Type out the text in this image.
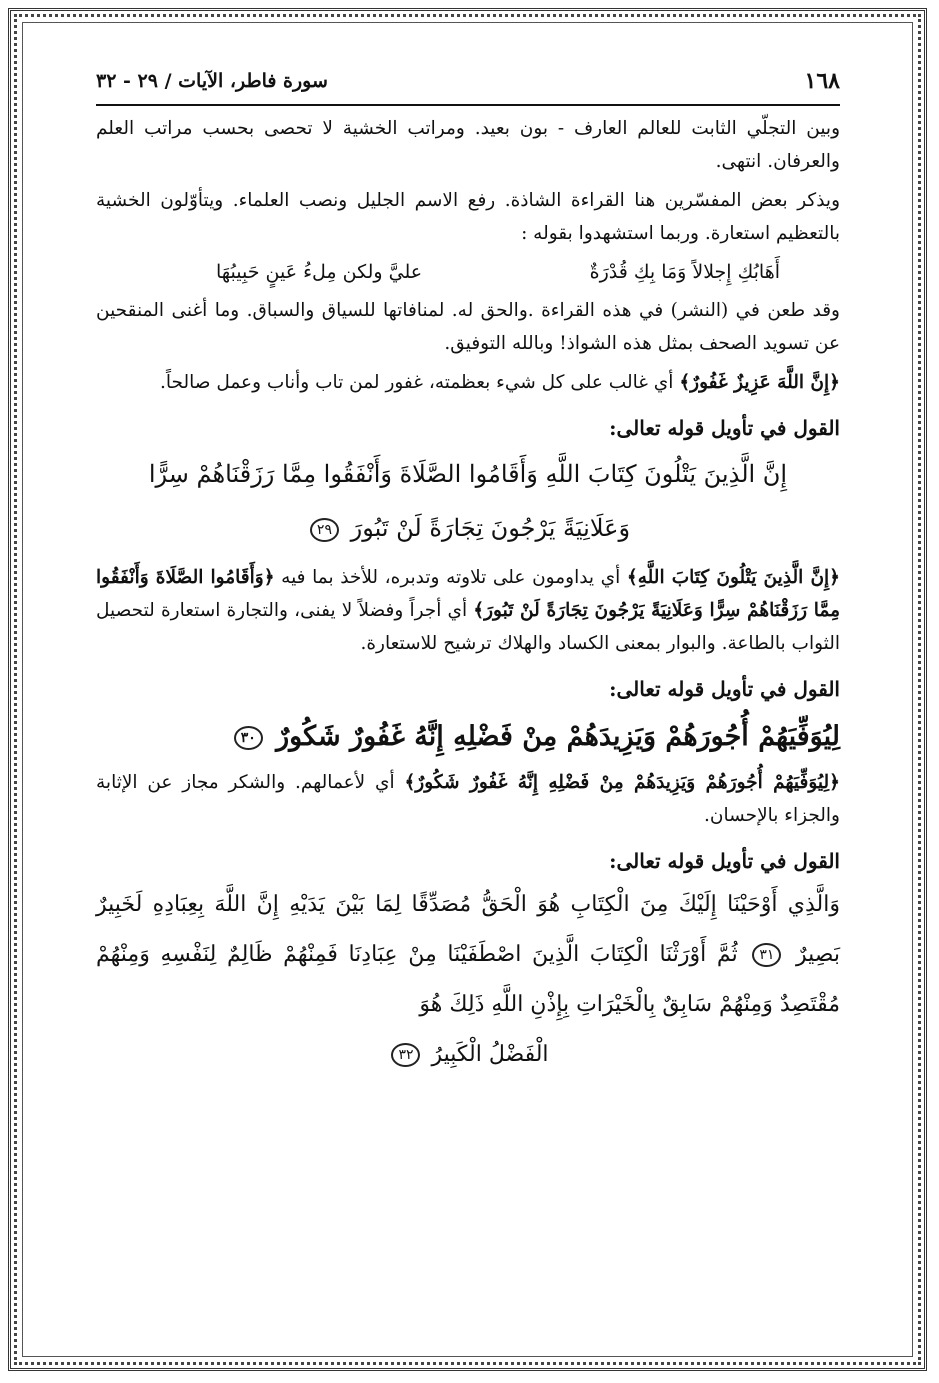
١٦٨
سورة فاطر، الآيات / ٢٩ - ٣٢

وبين التجلّي الثابت للعالم العارف - بون بعيد. ومراتب الخشية لا تحصى بحسب مراتب العلم والعرفان. انتهى.

ويذكر بعض المفسّرين هنا القراءة الشاذة. رفع الاسم الجليل ونصب العلماء. ويتأوّلون الخشية بالتعظيم استعارة. وربما استشهدوا بقوله :

أَهَابُكِ إِجلالاً وَمَا بِكِ قُدْرَةٌ
عليَّ ولكن مِلءُ عَينٍ حَبِيبُهَا

وقد طعن في (النشر) في هذه القراءة .والحق له. لمنافاتها للسياق والسباق. وما أغنى المنقحين عن تسويد الصحف بمثل هذه الشواذ! وبالله التوفيق.

﴿إِنَّ اللَّهَ عَزِيزٌ غَفُورٌ﴾ أي غالب على كل شيء بعظمته، غفور لمن تاب وأناب وعمل صالحاً.

القول في تأويل قوله تعالى:
إِنَّ الَّذِينَ يَتْلُونَ كِتَابَ اللَّهِ وَأَقَامُوا الصَّلَاةَ وَأَنْفَقُوا مِمَّا رَزَقْنَاهُمْ سِرًّا
وَعَلَانِيَةً يَرْجُونَ تِجَارَةً لَنْ تَبُورَ ٢٩

﴿إِنَّ الَّذِينَ يَتْلُونَ كِتَابَ اللَّهِ﴾ أي يداومون على تلاوته وتدبره، للأخذ بما فيه ﴿وَأَقَامُوا الصَّلَاةَ وَأَنْفَقُوا مِمَّا رَزَقْنَاهُمْ سِرًّا وَعَلَانِيَةً يَرْجُونَ تِجَارَةً لَنْ تَبُورَ﴾ أي أجراً وفضلاً لا يفنى، والتجارة استعارة لتحصيل الثواب بالطاعة. والبوار بمعنى الكساد والهلاك ترشيح للاستعارة.

القول في تأويل قوله تعالى:
لِيُوَفِّيَهُمْ أُجُورَهُمْ وَيَزِيدَهُمْ مِنْ فَضْلِهِ إِنَّهُ غَفُورٌ شَكُورٌ ٣٠

﴿لِيُوَفِّيَهُمْ أُجُورَهُمْ وَيَزِيدَهُمْ مِنْ فَضْلِهِ إِنَّهُ غَفُورٌ شَكُورٌ﴾ أي لأعمالهم. والشكر مجاز عن الإثابة والجزاء بالإحسان.

القول في تأويل قوله تعالى:
وَالَّذِي أَوْحَيْنَا إِلَيْكَ مِنَ الْكِتَابِ هُوَ الْحَقُّ مُصَدِّقًا لِمَا بَيْنَ يَدَيْهِ إِنَّ اللَّهَ بِعِبَادِهِ لَخَبِيرٌ بَصِيرٌ ٣١ ثُمَّ أَوْرَثْنَا الْكِتَابَ الَّذِينَ اصْطَفَيْنَا مِنْ عِبَادِنَا فَمِنْهُمْ ظَالِمٌ لِنَفْسِهِ وَمِنْهُمْ مُقْتَصِدٌ وَمِنْهُمْ سَابِقٌ بِالْخَيْرَاتِ بِإِذْنِ اللَّهِ ذَلِكَ هُوَ
الْفَضْلُ الْكَبِيرُ ٣٢
